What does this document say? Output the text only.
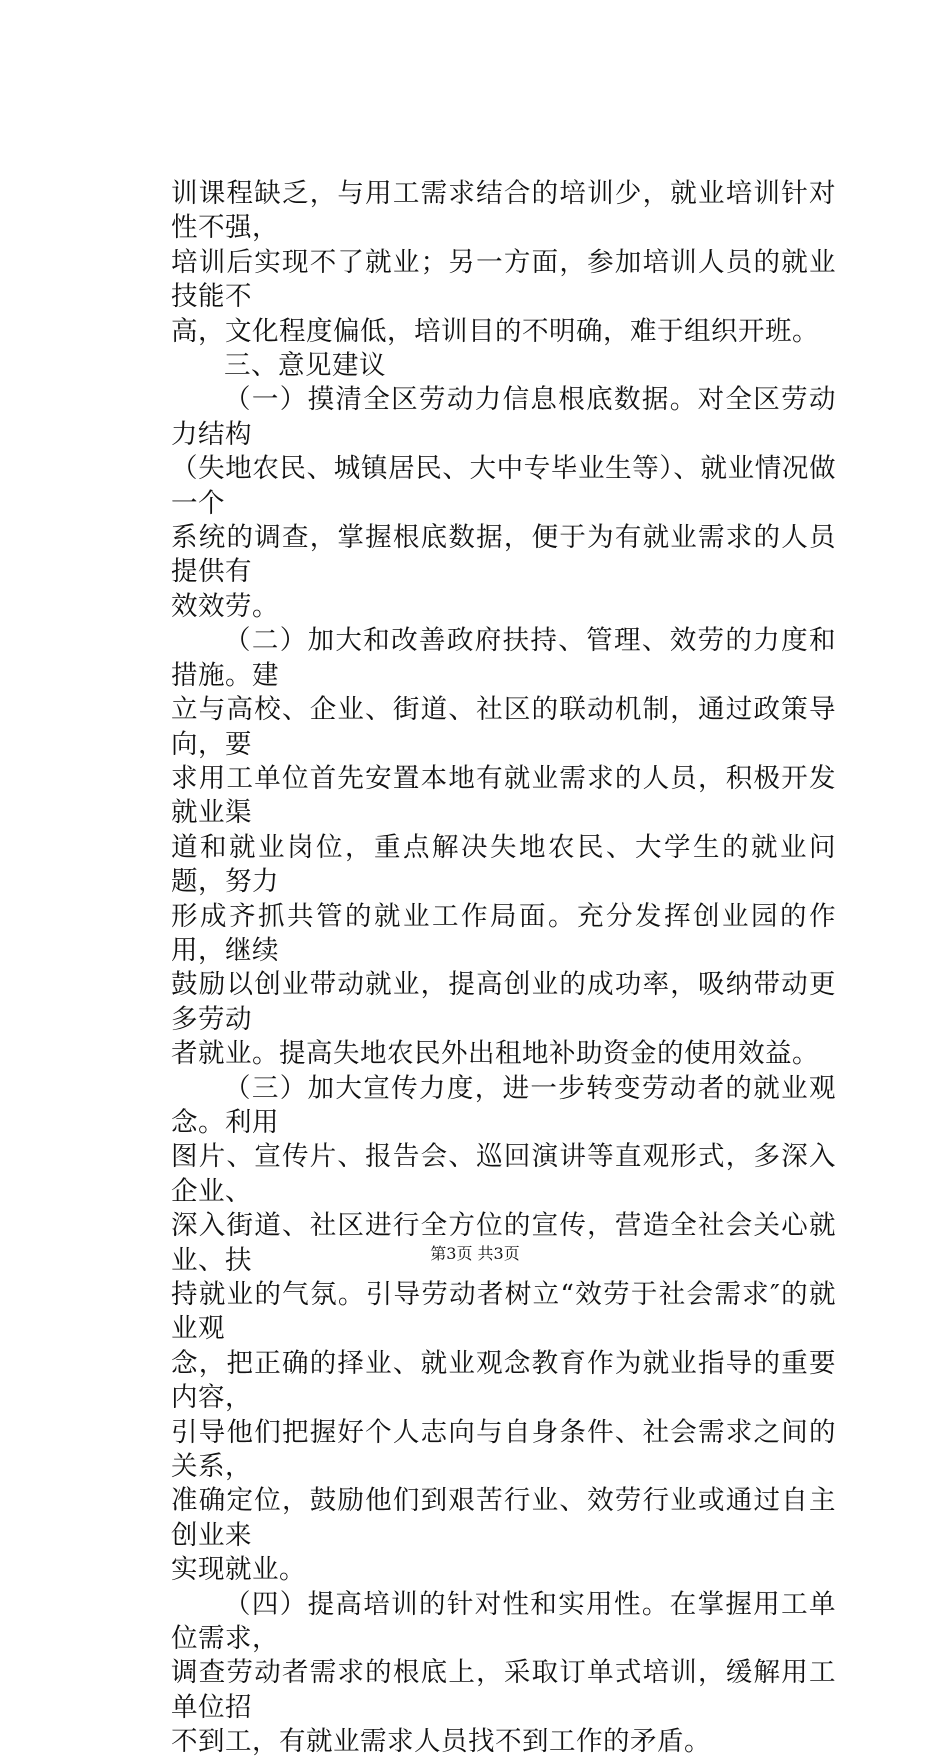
训课程缺乏，与用工需求结合的培训少，就业培训针对性不强，
培训后实现不了就业；另一方面，参加培训人员的就业技能不
高，文化程度偏低，培训目的不明确，难于组织开班。

三、意见建议

（一）摸清全区劳动力信息根底数据。对全区劳动力结构
（失地农民、城镇居民、大中专毕业生等）、就业情况做一个
系统的调查，掌握根底数据，便于为有就业需求的人员提供有
效效劳。

（二）加大和改善政府扶持、管理、效劳的力度和措施。建
立与高校、企业、街道、社区的联动机制，通过政策导向，要
求用工单位首先安置本地有就业需求的人员，积极开发就业渠
道和就业岗位，重点解决失地农民、大学生的就业问题，努力
形成齐抓共管的就业工作局面。充分发挥创业园的作用，继续
鼓励以创业带动就业，提高创业的成功率，吸纳带动更多劳动
者就业。提高失地农民外出租地补助资金的使用效益。

（三）加大宣传力度，进一步转变劳动者的就业观念。利用
图片、宣传片、报告会、巡回演讲等直观形式，多深入企业、
深入街道、社区进行全方位的宣传，营造全社会关心就业、扶
持就业的气氛。引导劳动者树立“效劳于社会需求″的就业观
念，把正确的择业、就业观念教育作为就业指导的重要内容，
引导他们把握好个人志向与自身条件、社会需求之间的关系，
准确定位，鼓励他们到艰苦行业、效劳行业或通过自主创业来
实现就业。

（四）提高培训的针对性和实用性。在掌握用工单位需求，
调查劳动者需求的根底上，采取订单式培训，缓解用工单位招
不到工，有就业需求人员找不到工作的矛盾。

第3页 共3页
